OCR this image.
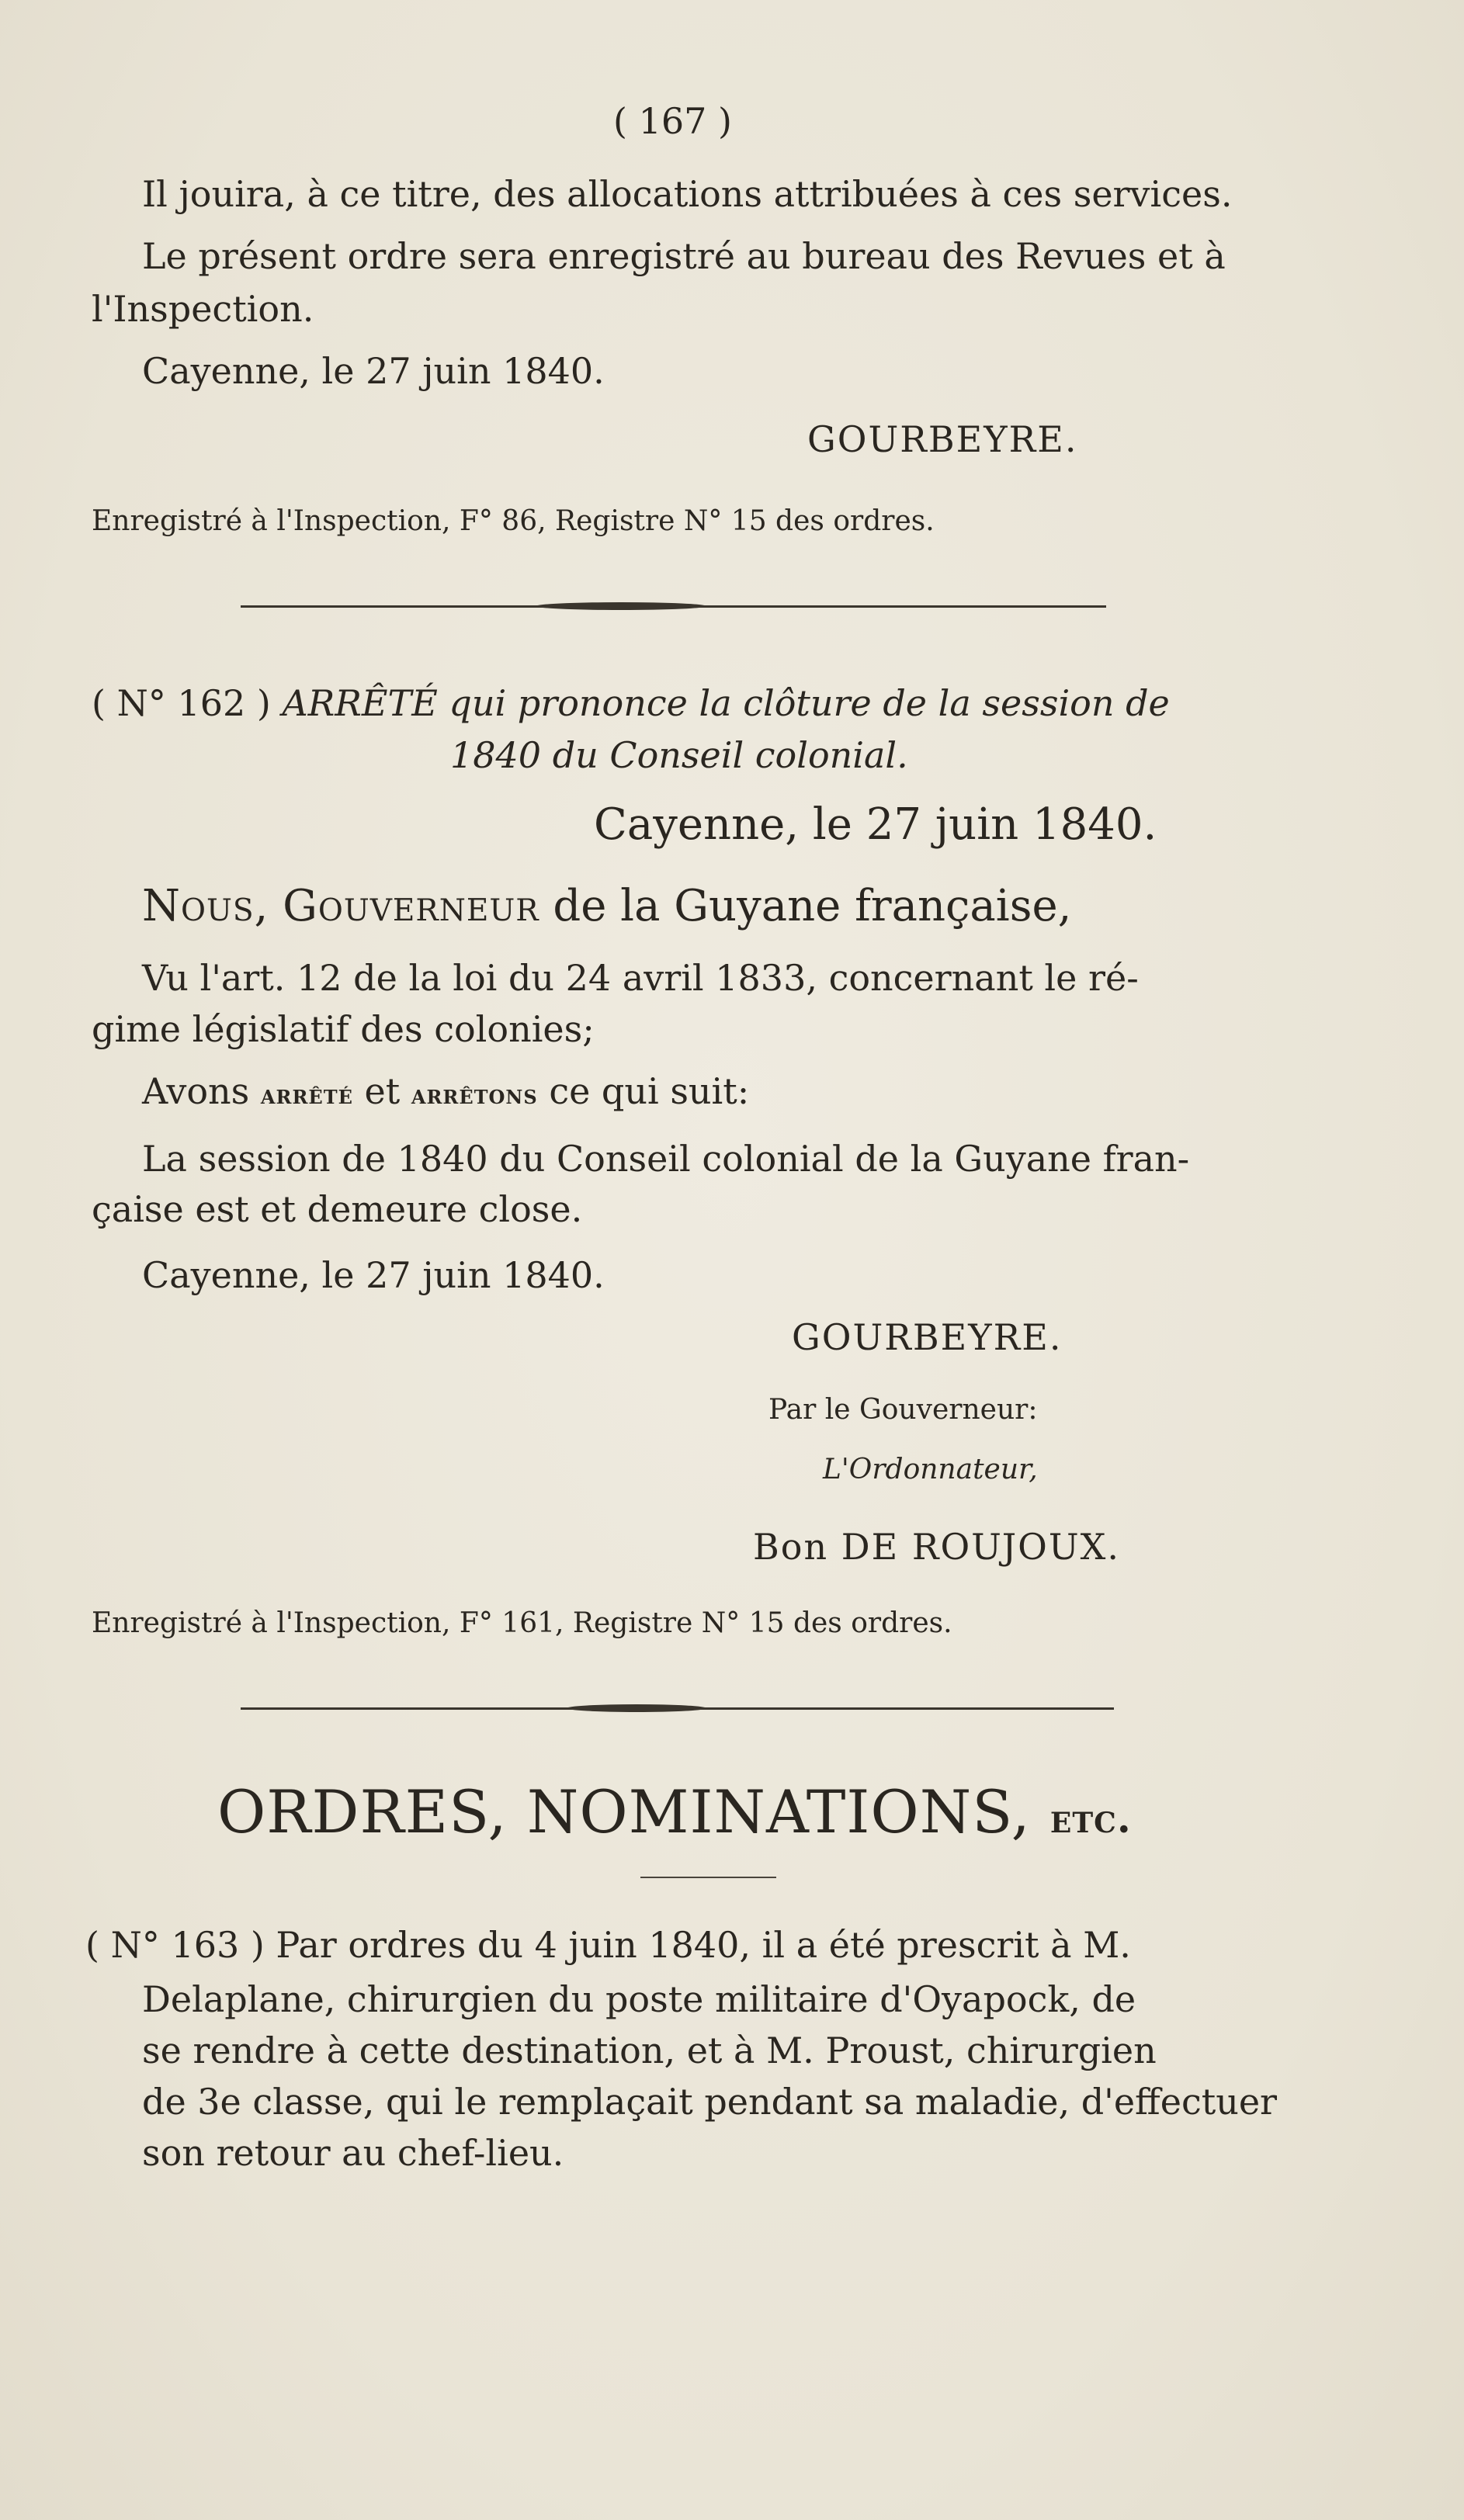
( 167 )
Il jouira, à ce titre, des allocations attribuées à ces services.
Le présent ordre sera enregistré au bureau des Revues et à
l'Inspection.
Cayenne, le 27 juin 1840.
GOURBEYRE.
Enregistré à l'Inspection, F° 86, Registre N° 15 des ordres.
( N° 162 ) ARRÊTÉ qui prononce la clôture de la session de
1840 du Conseil colonial.
Cayenne, le 27 juin 1840.
Nous, Gouverneur de la Guyane française,
Vu l'art. 12 de la loi du 24 avril 1833, concernant le ré-
gime législatif des colonies;
Avons arrêté et arrêtons ce qui suit:
La session de 1840 du Conseil colonial de la Guyane fran-
çaise est et demeure close.
Cayenne, le 27 juin 1840.
GOURBEYRE.
Par le Gouverneur:
L'Ordonnateur,
Bon DE ROUJOUX.
Enregistré à l'Inspection, F° 161, Registre N° 15 des ordres.
ORDRES, NOMINATIONS, etc.
( N° 163 ) Par ordres du 4 juin 1840, il a été prescrit à M.
Delaplane, chirurgien du poste militaire d'Oyapock, de
se rendre à cette destination, et à M. Proust, chirurgien
de 3e classe, qui le remplaçait pendant sa maladie, d'effectuer
son retour au chef-lieu.
